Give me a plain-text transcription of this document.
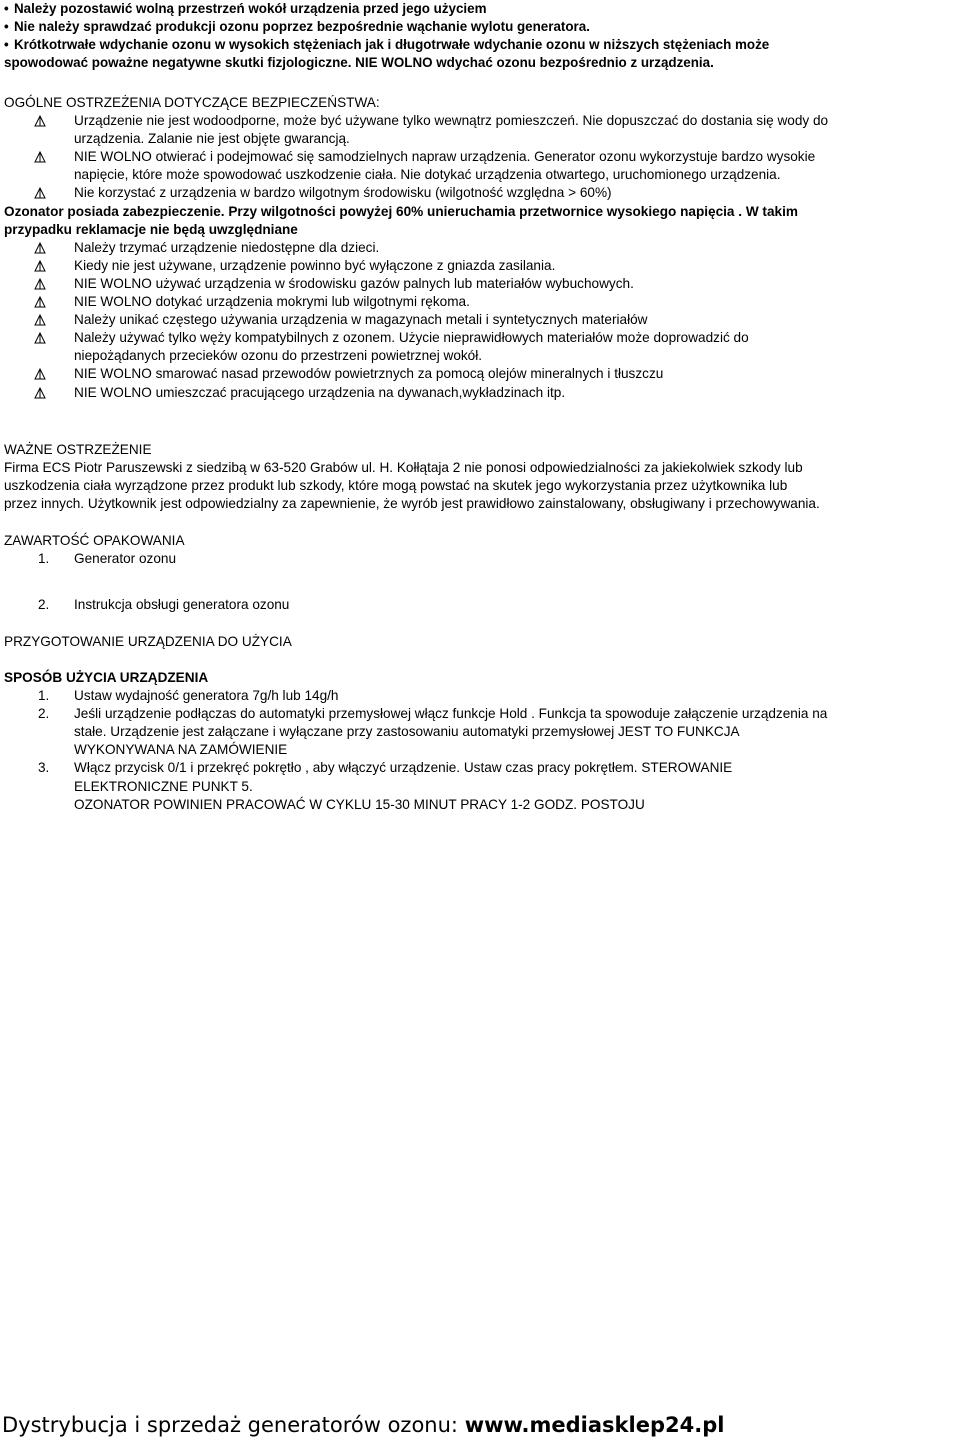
• Należy pozostawić wolną przestrzeń wokół urządzenia przed jego użyciem

• Nie należy sprawdzać produkcji ozonu poprzez bezpośrednie wąchanie wylotu generatora.

• Krótkotrwałe wdychanie ozonu w wysokich stężeniach jak i długotrwałe wdychanie ozonu w niższych stężeniach może

spowodować poważne negatywne skutki fizjologiczne. NIE WOLNO wdychać ozonu bezpośrednio z urządzenia.

OGÓLNE OSTRZEŻENIA DOTYCZĄCE BEZPIECZEŃSTWA:

Urządzenie nie jest wodoodporne, może być używane tylko wewnątrz pomieszczeń. Nie dopuszczać do dostania się wody do

urządzenia. Zalanie nie jest objęte gwarancją.

NIE WOLNO otwierać i podejmować się samodzielnych napraw urządzenia. Generator ozonu wykorzystuje bardzo wysokie

napięcie, które może spowodować uszkodzenie ciała. Nie dotykać urządzenia otwartego, uruchomionego urządzenia.

Nie korzystać z urządzenia w bardzo wilgotnym środowisku (wilgotność względna > 60%)

Ozonator posiada zabezpieczenie. Przy wilgotności powyżej 60% unieruchamia przetwornice wysokiego napięcia . W takim

przypadku reklamacje nie będą uwzględniane

Należy trzymać urządzenie niedostępne dla dzieci.

Kiedy nie jest używane, urządzenie powinno być wyłączone z gniazda zasilania.

NIE WOLNO używać urządzenia w środowisku gazów palnych lub materiałów wybuchowych.

NIE WOLNO dotykać urządzenia mokrymi lub wilgotnymi rękoma.

Należy unikać częstego używania urządzenia w magazynach metali i syntetycznych materiałów

Należy używać tylko węży kompatybilnych z ozonem. Użycie nieprawidłowych materiałów może doprowadzić do

niepożądanych przecieków ozonu do przestrzeni powietrznej wokół.

NIE WOLNO smarować nasad przewodów powietrznych za pomocą olejów mineralnych i tłuszczu

NIE WOLNO umieszczać pracującego urządzenia na dywanach,wykładzinach itp.

WAŻNE OSTRZEŻENIE

Firma ECS Piotr Paruszewski z siedzibą w 63-520 Grabów ul. H. Kołłątaja 2 nie ponosi odpowiedzialności za jakiekolwiek szkody lub

uszkodzenia ciała wyrządzone przez produkt lub szkody, które mogą powstać na skutek jego wykorzystania przez użytkownika lub

przez innych. Użytkownik jest odpowiedzialny za zapewnienie, że wyrób jest prawidłowo zainstalowany, obsługiwany i przechowywania.

ZAWARTOŚĆ OPAKOWANIA

1. Generator ozonu

2. Instrukcja obsługi generatora ozonu

PRZYGOTOWANIE URZĄDZENIA DO UŻYCIA

SPOSÓB UŻYCIA URZĄDZENIA

1. Ustaw wydajność generatora 7g/h lub 14g/h

2. Jeśli urządzenie podłączas do automatyki przemysłowej włącz funkcje Hold . Funkcja ta spowoduje załączenie urządzenia na

stałe. Urządzenie jest załączane i wyłączane przy zastosowaniu automatyki przemysłowej JEST TO FUNKCJA

WYKONYWANA NA ZAMÓWIENIE

3. Włącz przycisk 0/1 i przekręć pokrętło , aby włączyć urządzenie. Ustaw czas pracy pokrętłem. STEROWANIE

ELEKTRONICZNE PUNKT 5.

OZONATOR POWINIEN PRACOWAĆ W CYKLU 15-30 MINUT PRACY 1-2 GODZ. POSTOJU

Dystrybucja i sprzedaż generatorów ozonu: www.mediasklep24.pl
